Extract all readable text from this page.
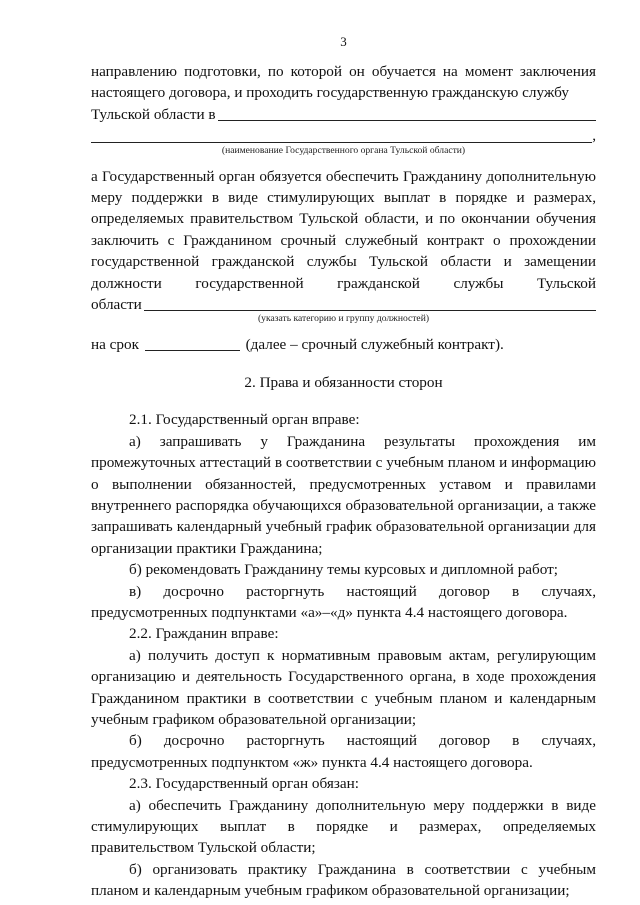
3

направлению подготовки, по которой он обучается на момент заключения настоящего договора, и проходить государственную гражданскую службу

Тульской области в
,
(наименование Государственного органа Тульской области)

а Государственный орган обязуется обеспечить Гражданину дополнительную меру поддержки в виде стимулирующих выплат в порядке и размерах, определяемых правительством Тульской области, и по окончании обучения заключить с Гражданином срочный служебный контракт о прохождении государственной гражданской службы Тульской области и замещении

должности государственной гражданской службы Тульской

области
(указать категорию и группу должностей)

на срок	(далее – срочный служебный контракт).

2. Права и обязанности сторон

2.1. Государственный орган вправе:

а) запрашивать у Гражданина результаты прохождения им промежуточных аттестаций в соответствии с учебным планом и информацию о выполнении обязанностей, предусмотренных уставом и правилами внутреннего распорядка обучающихся образовательной организации, а также запрашивать календарный учебный график образовательной организации для организации практики Гражданина;

б) рекомендовать Гражданину темы курсовых и дипломной работ;

в) досрочно расторгнуть настоящий договор в случаях, предусмотренных подпунктами «а»–«д» пункта 4.4 настоящего договора.

2.2. Гражданин вправе:

а) получить доступ к нормативным правовым актам, регулирующим организацию и деятельность Государственного органа, в ходе прохождения Гражданином практики в соответствии с учебным планом и календарным учебным графиком образовательной организации;

б) досрочно расторгнуть настоящий договор в случаях, предусмотренных подпунктом «ж» пункта 4.4 настоящего договора.

2.3. Государственный орган обязан:

а) обеспечить Гражданину дополнительную меру поддержки в виде стимулирующих выплат в порядке и размерах, определяемых правительством Тульской области;

б) организовать практику Гражданина в соответствии с учебным планом и календарным учебным графиком образовательной организации;
